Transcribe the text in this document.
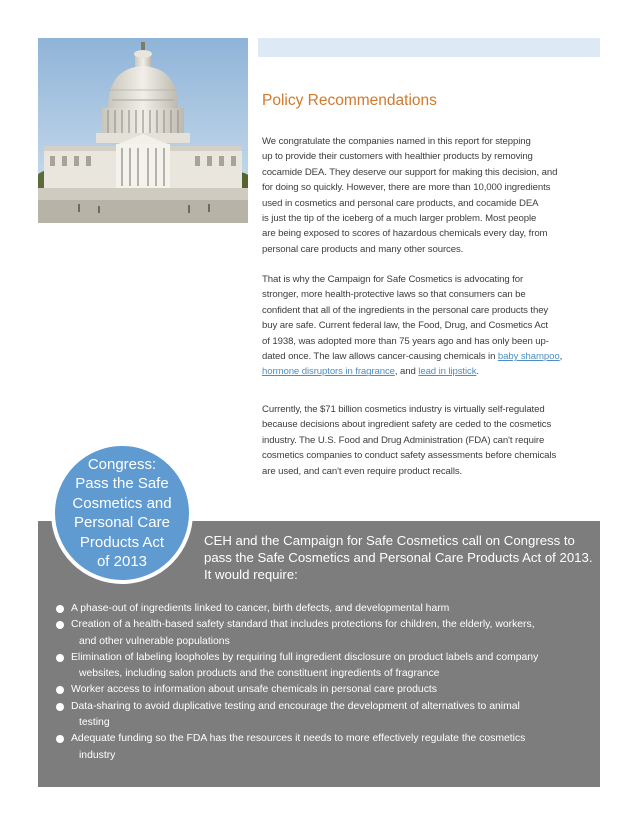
Policy Recommendations

We congratulate the companies named in this report for stepping

up to provide their customers with healthier products by removing

cocamide DEA. They deserve our support for making this decision, and

for doing so quickly. However, there are more than 10,000 ingredients

used in cosmetics and personal care products, and cocamide DEA

is just the tip of the iceberg of a much larger problem. Most people

are being exposed to scores of hazardous chemicals every day, from

personal care products and many other sources.

That is why the Campaign for Safe Cosmetics is advocating for

stronger, more health-protective laws so that consumers can be

confident that all of the ingredients in the personal care products they

buy are safe. Current federal law, the Food, Drug, and Cosmetics Act

of 1938, was adopted more than 75 years ago and has only been up-

dated once. The law allows cancer-causing chemicals in baby shampoo,

hormone disruptors in fragrance, and lead in lipstick.

Currently, the $71 billion cosmetics industry is virtually self-regulated

because decisions about ingredient safety are ceded to the cosmetics

industry. The U.S. Food and Drug Administration (FDA) can't require

cosmetics companies to conduct safety assessments before chemicals

are used, and can't even require product recalls.

Congress:
Pass the Safe
Cosmetics and
Personal Care
Products Act
of 2013
CEH and the Campaign for Safe Cosmetics call on Congress to
pass the Safe Cosmetics and Personal Care Products Act of 2013.
It would require:
A phase-out of ingredients linked to cancer, birth defects, and developmental harm
Creation of a health-based safety standard that includes protections for children, the elderly, workers,
and other vulnerable populations
Elimination of labeling loopholes by requiring full ingredient disclosure on product labels and company
websites, including salon products and the constituent ingredients of fragrance
Worker access to information about unsafe chemicals in personal care products
Data-sharing to avoid duplicative testing and encourage the development of alternatives to animal
testing
Adequate funding so the FDA has the resources it needs to more effectively regulate the cosmetics
industry
